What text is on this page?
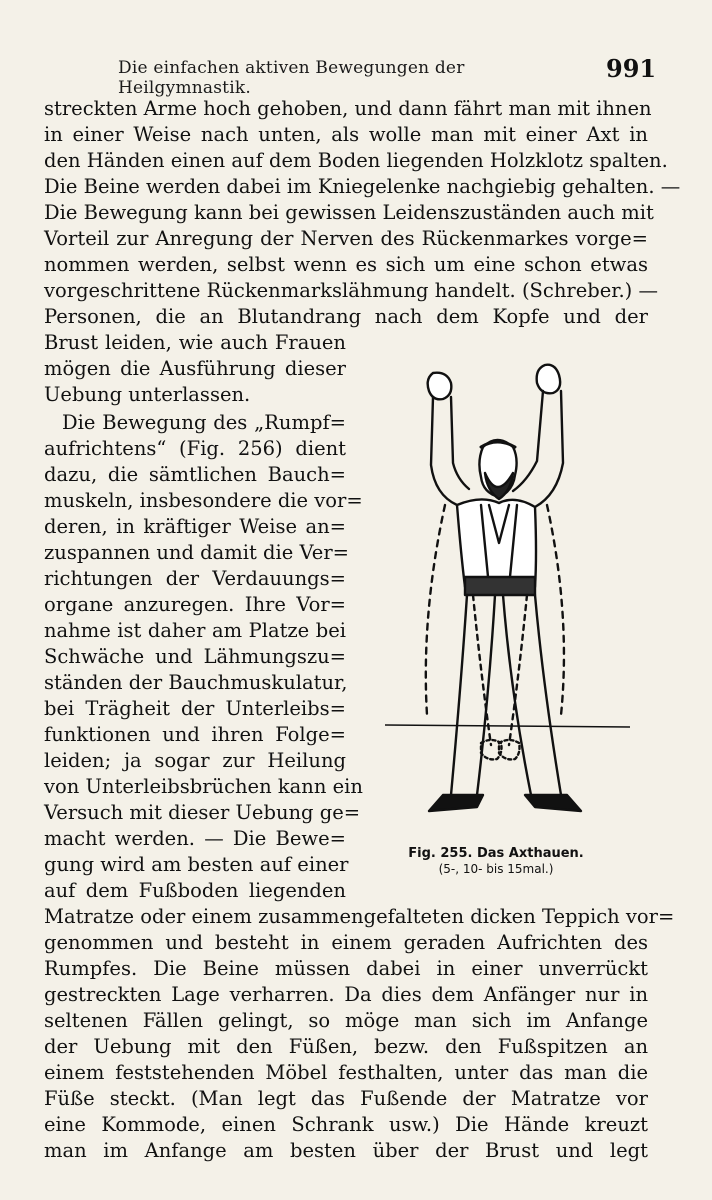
Die einfachen aktiven Bewegungen der Heilgymnastik.
991
streckten Arme hoch gehoben, und dann fährt man mit ihnen
in einer Weise nach unten, als wolle man mit einer Axt in
den Händen einen auf dem Boden liegenden Holzklotz spalten.
Die Beine werden dabei im Kniegelenke nachgiebig gehalten. —
Die Bewegung kann bei gewissen Leidenszuständen auch mit
Vorteil zur Anregung der Nerven des Rückenmarkes vorge=
nommen werden, selbst wenn es sich um eine schon etwas
vorgeschrittene Rückenmarkslähmung handelt. (Schreber.) —
Personen, die an Blutandrang nach dem Kopfe und der
Brust leiden, wie auch Frauen
mögen die Ausführung dieser
Uebung unterlassen.
Die Bewegung des „Rumpf=
aufrichtens“ (Fig. 256) dient
dazu, die sämtlichen Bauch=
muskeln, insbesondere die vor=
deren, in kräftiger Weise an=
zuspannen und damit die Ver=
richtungen der Verdauungs=
organe anzuregen. Ihre Vor=
nahme ist daher am Platze bei
Schwäche und Lähmungszu=
ständen der Bauchmuskulatur,
bei Trägheit der Unterleibs=
funktionen und ihren Folge=
leiden; ja sogar zur Heilung
von Unterleibsbrüchen kann ein
Versuch mit dieser Uebung ge=
macht werden. — Die Bewe=
gung wird am besten auf einer
auf dem Fußboden liegenden
Matratze oder einem zusammengefalteten dicken Teppich vor=
genommen und besteht in einem geraden Aufrichten des
Rumpfes. Die Beine müssen dabei in einer unverrückt
gestreckten Lage verharren. Da dies dem Anfänger nur in
seltenen Fällen gelingt, so möge man sich im Anfange
der Uebung mit den Füßen, bezw. den Fußspitzen an
einem feststehenden Möbel festhalten, unter das man die
Füße steckt. (Man legt das Fußende der Matratze vor
eine Kommode, einen Schrank usw.) Die Hände kreuzt
man im Anfange am besten über der Brust und legt
Fig. 255. Das Axthauen.
(5-, 10- bis 15mal.)
